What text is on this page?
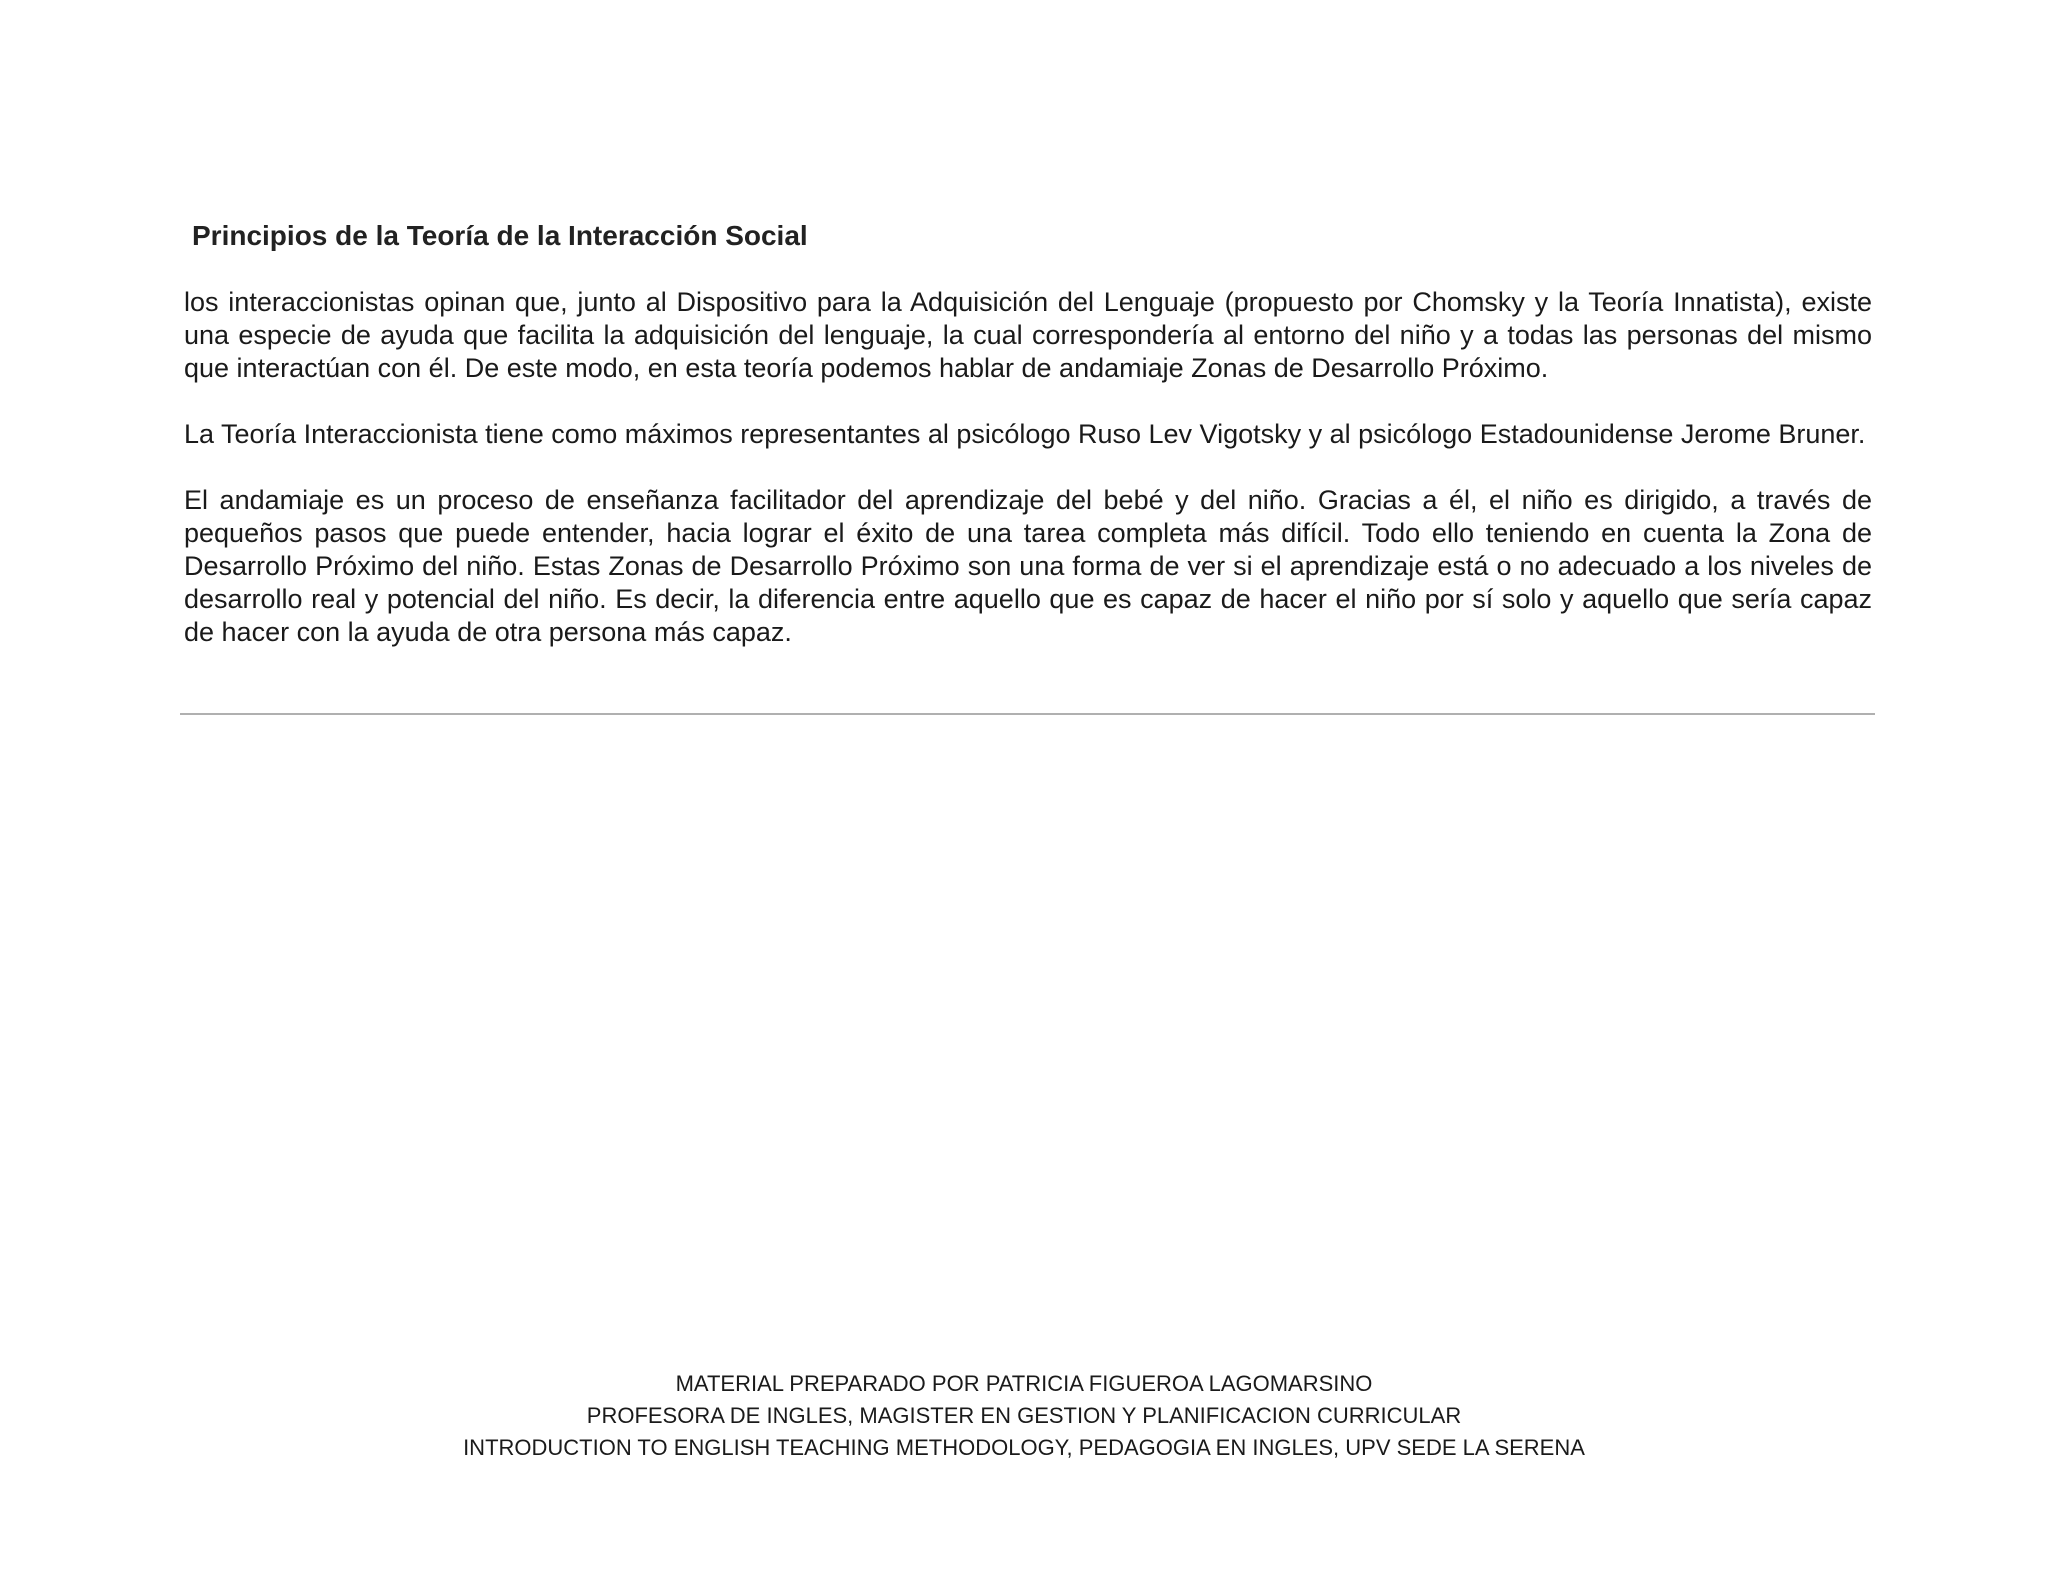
Principios de la Teoría de la Interacción Social

los interaccionistas opinan que, junto al Dispositivo para la Adquisición del Lenguaje (propuesto por Chomsky y la Teoría Innatista), existe una especie de ayuda que facilita la adquisición del lenguaje, la cual correspondería al entorno del niño y a todas las personas del mismo que interactúan con él. De este modo, en esta teoría podemos hablar de andamiaje Zonas de Desarrollo Próximo.

La Teoría Interaccionista tiene como máximos representantes al psicólogo Ruso Lev Vigotsky y al psicólogo Estadounidense Jerome Bruner.

El andamiaje es un proceso de enseñanza facilitador del aprendizaje del bebé y del niño. Gracias a él, el niño es dirigido, a través de pequeños pasos que puede entender, hacia lograr el éxito de una tarea completa más difícil. Todo ello teniendo en cuenta la Zona de Desarrollo Próximo del niño. Estas Zonas de Desarrollo Próximo son una forma de ver si el aprendizaje está o no adecuado a los niveles de desarrollo real y potencial del niño. Es decir, la diferencia entre aquello que es capaz de hacer el niño por sí solo y aquello que sería capaz de hacer con la ayuda de otra persona más capaz.

MATERIAL PREPARADO POR PATRICIA FIGUEROA LAGOMARSINO
PROFESORA DE INGLES, MAGISTER EN GESTION Y PLANIFICACION CURRICULAR
INTRODUCTION TO ENGLISH TEACHING METHODOLOGY, PEDAGOGIA EN INGLES, UPV SEDE LA SERENA
